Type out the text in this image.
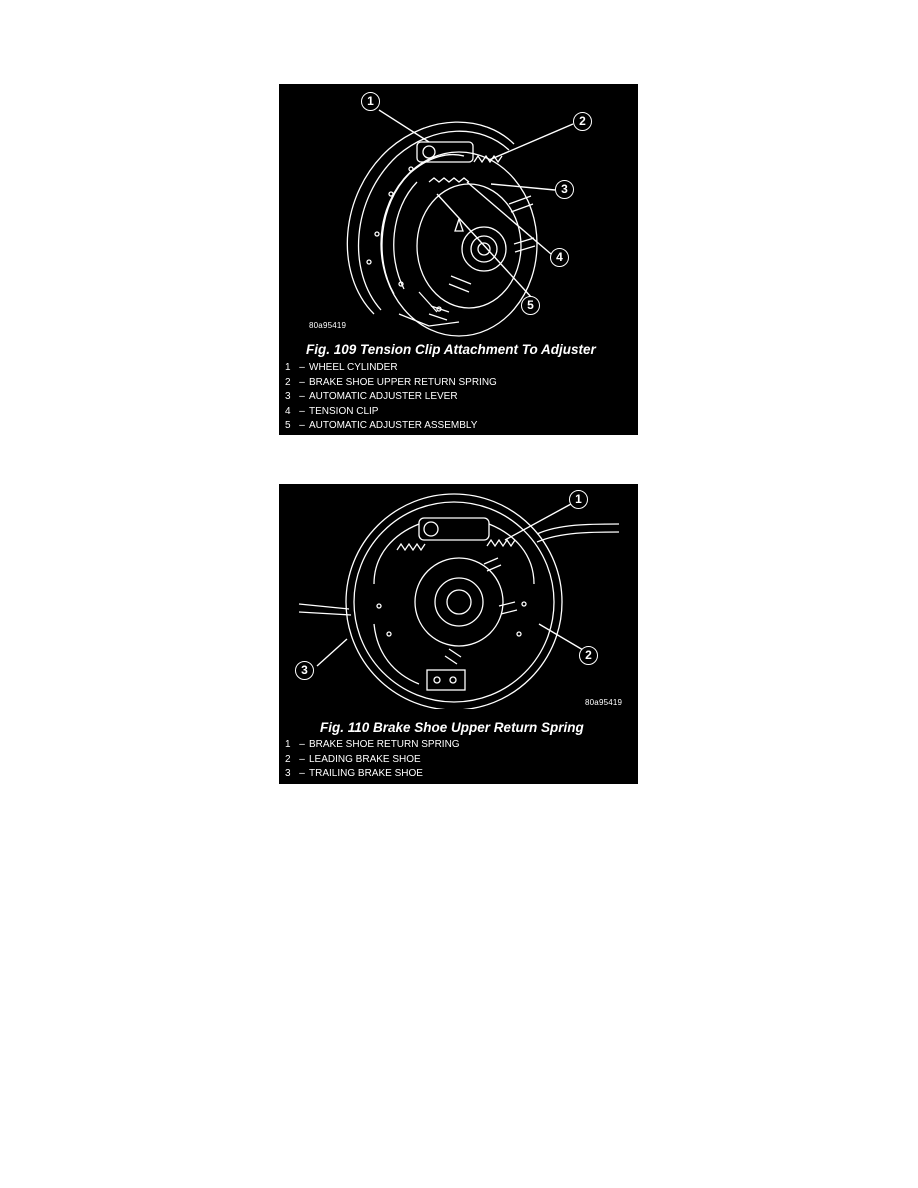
1
2
3
4
5
80a95419
Fig. 109 Tension Clip Attachment To Adjuster
1 – WHEEL CYLINDER
2 – BRAKE SHOE UPPER RETURN SPRING
3 – AUTOMATIC ADJUSTER LEVER
4 – TENSION CLIP
5 – AUTOMATIC ADJUSTER ASSEMBLY
1
2
3
80a95419
Fig. 110 Brake Shoe Upper Return Spring
1 – BRAKE SHOE RETURN SPRING
2 – LEADING BRAKE SHOE
3 – TRAILING BRAKE SHOE
